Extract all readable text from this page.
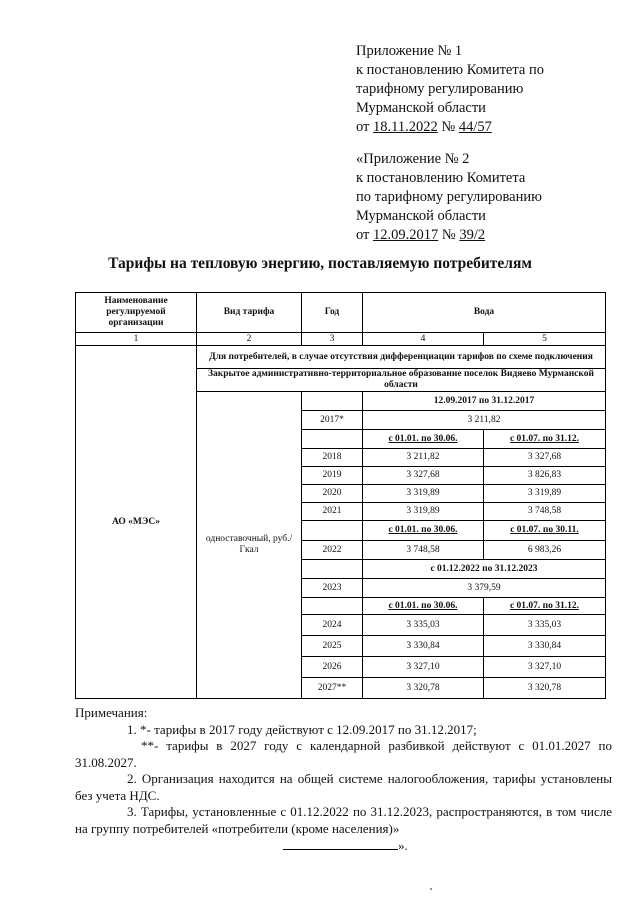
Приложение № 1
к постановлению Комитета по
тарифному регулированию
Мурманской области
от 18.11.2022 № 44/57
«Приложение № 2
к постановлению Комитета
по тарифному регулированию
Мурманской области
от 12.09.2017 № 39/2
Тарифы на тепловую энергию, поставляемую потребителям
Наименование регулируемой организации	Вид тарифа	Год	Вода	
1	2	3	4	5
АО «МЭС»	Для потребителей, в случае отсутствия дифференциации тарифов по схеме подключения			
	Закрытое административно-территориальное образование поселок Видяево Мурманской области			
	одноставочный, руб./Гкал		12.09.2017 по 31.12.2017	
		2017*	3 211,82	
			с 01.01. по 30.06.	с 01.07. по 31.12.
		2018	3 211,82	3 327,68
		2019	3 327,68	3 826,83
		2020	3 319,89	3 319,89
		2021	3 319,89	3 748,58
			с 01.01. по 30.06.	с 01.07. по 30.11.
		2022	3 748,58	6 983,26
			с 01.12.2022 по 31.12.2023	
		2023	3 379,59	
			с 01.01. по 30.06.	с 01.07. по 31.12.
		2024	3 335,03	3 335,03
		2025	3 330,84	3 330,84
		2026	3 327,10	3 327,10
		2027**	3 320,78	3 320,78

Примечания:

1. *- тарифы в 2017 году действуют с 12.09.2017 по 31.12.2017;

**- тарифы в 2027 году с календарной разбивкой действуют с 01.01.2027 по 31.08.2027.

2. Организация находится на общей системе налогообложения, тарифы установлены без учета НДС.

3. Тарифы, установленные с 01.12.2022 по 31.12.2023, распространяются, в том числе на группу потребителей «потребители (кроме населения)»

».
